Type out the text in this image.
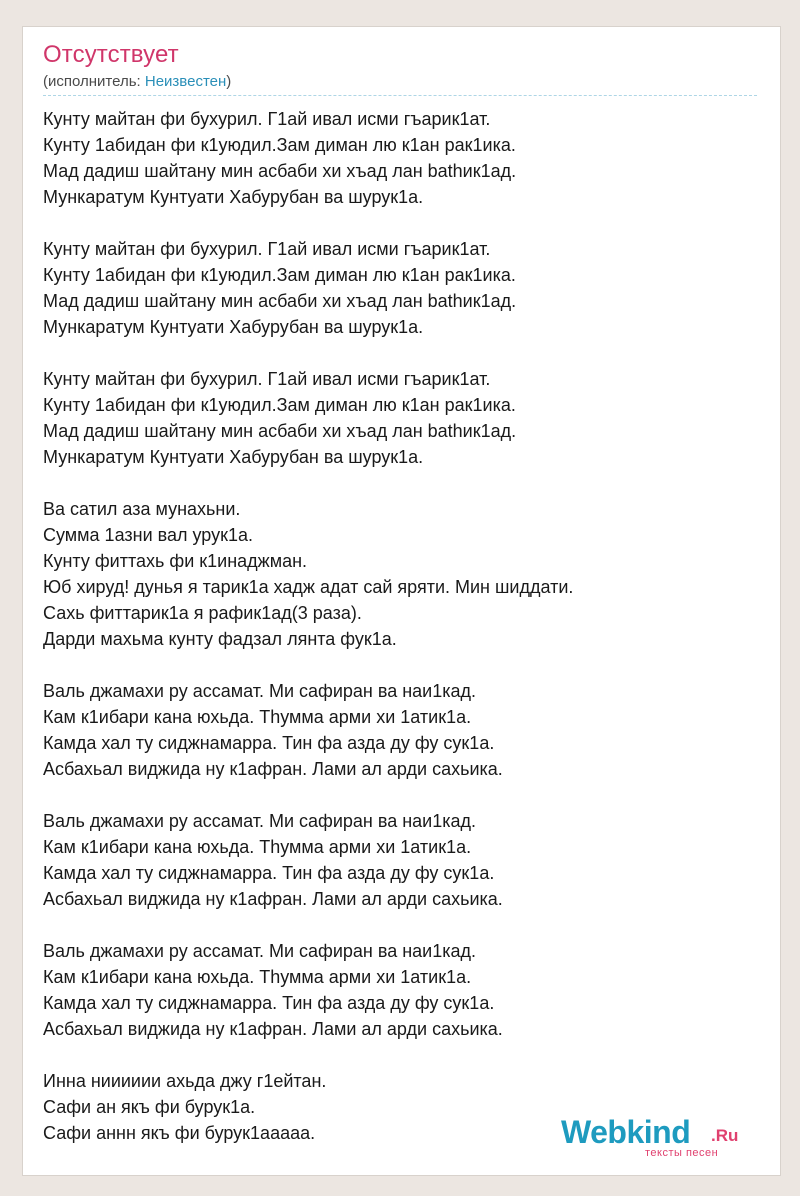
Отсутствует
(исполнитель: Неизвестен)
Кунту майтан фи бухурил. Г1ай ивал исми гъарик1ат.
Кунту 1абидан фи к1уюдил.Зам диман лю к1ан рак1ика.
Мад дадиш шайтану мин асбаби хи хъад лан bathик1ад.
Мункаратум Кунтуати Хабурубан ва шурук1а.
Кунту майтан фи бухурил. Г1ай ивал исми гъарик1ат.
Кунту 1абидан фи к1уюдил.Зам диман лю к1ан рак1ика.
Мад дадиш шайтану мин асбаби хи хъад лан bathик1ад.
Мункаратум Кунтуати Хабурубан ва шурук1а.
Кунту майтан фи бухурил. Г1ай ивал исми гъарик1ат.
Кунту 1абидан фи к1уюдил.Зам диман лю к1ан рак1ика.
Мад дадиш шайтану мин асбаби хи хъад лан bathик1ад.
Мункаратум Кунтуати Хабурубан ва шурук1а.
Ва сатил аза мунахьни.
Сумма 1азни вал урук1а.
Кунту фиттахь фи к1инаджман.
Юб хируд! дунья я тарик1а хадж адат сай яряти. Мин шиддати.
Сахь фиттарик1а я рафик1ад(3 раза).
Дарди махьма кунту фадзал лянта фук1а.
Валь джамахи ру ассамат. Ми сафиран ва наи1кад.
Кам к1ибари кана юхьда. Тhумма арми хи 1атик1а.
Камда хал ту сиджнамарра. Тин фа азда ду фу сук1а.
Асбахьал виджида ну к1афран. Лами ал арди сахьика.
Валь джамахи ру ассамат. Ми сафиран ва наи1кад.
Кам к1ибари кана юхьда. Тhумма арми хи 1атик1а.
Камда хал ту сиджнамарра. Тин фа азда ду фу сук1а.
Асбахьал виджида ну к1афран. Лами ал арди сахьика.
Валь джамахи ру ассамат. Ми сафиран ва наи1кад.
Кам к1ибари кана юхьда. Тhумма арми хи 1атик1а.
Камда хал ту сиджнамарра. Тин фа азда ду фу сук1а.
Асбахьал виджида ну к1афран. Лами ал арди сахьика.
Инна нииииии ахьда джу г1ейтан.
Сафи ан якъ фи бурук1а.
Сафи аннн якъ фи бурук1ааааа.	Webkind .Ru
тексты песен
